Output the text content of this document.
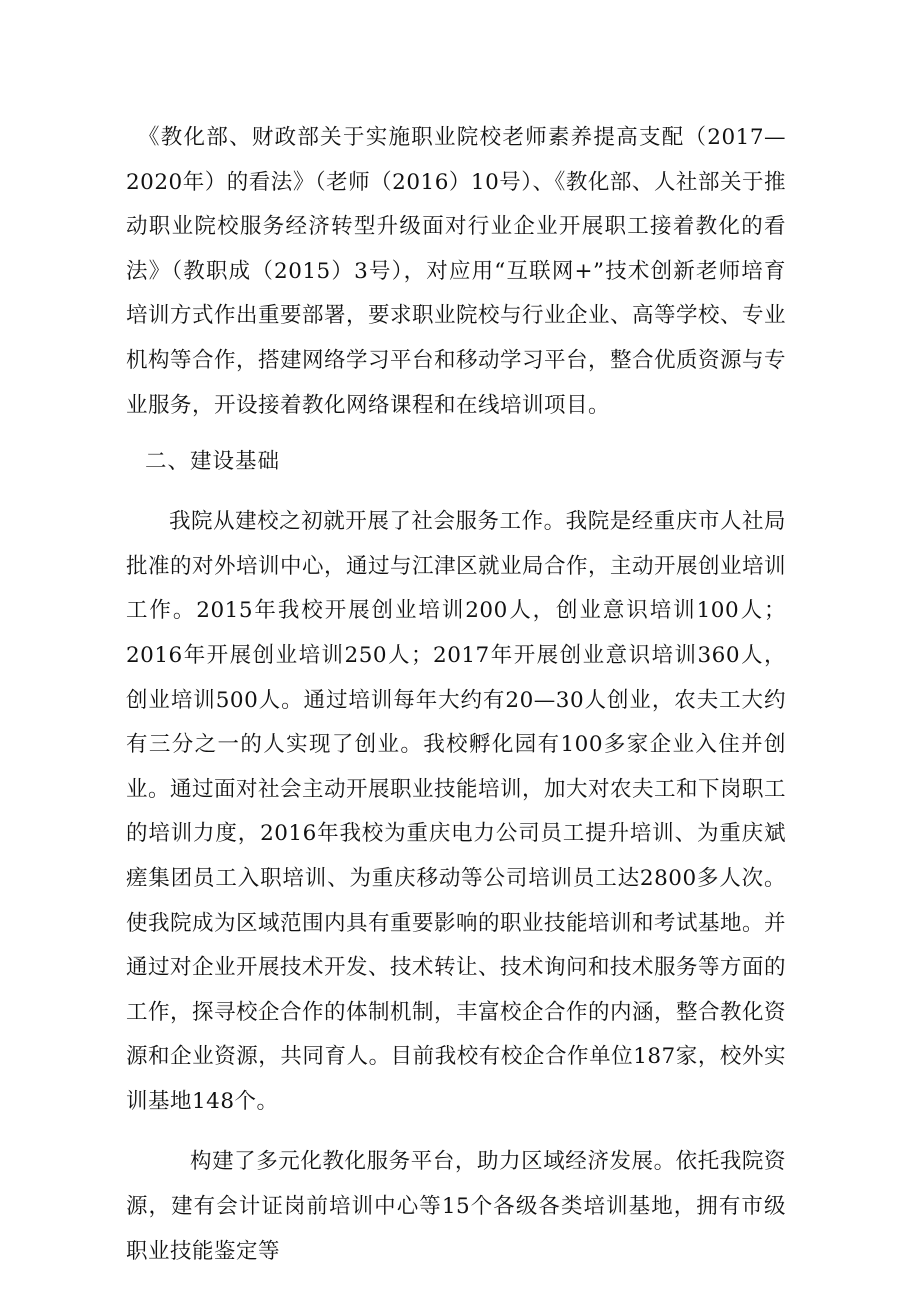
《教化部、财政部关于实施职业院校老师素养提高支配（2017—2020年）的看法》（老师（2016）10号）、《教化部、人社部关于推动职业院校服务经济转型升级面对行业企业开展职工接着教化的看法》（教职成（2015）3号），对应用“互联网+”技术创新老师培育培训方式作出重要部署，要求职业院校与行业企业、高等学校、专业机构等合作，搭建网络学习平台和移动学习平台，整合优质资源与专业服务，开设接着教化网络课程和在线培训项目。

二、建设基础

我院从建校之初就开展了社会服务工作。我院是经重庆市人社局批准的对外培训中心，通过与江津区就业局合作，主动开展创业培训工作。2015年我校开展创业培训200人，创业意识培训100人；2016年开展创业培训250人；2017年开展创业意识培训360人，创业培训500人。通过培训每年大约有20—30人创业，农夫工大约有三分之一的人实现了创业。我校孵化园有100多家企业入住并创业。通过面对社会主动开展职业技能培训，加大对农夫工和下岗职工的培训力度，2016年我校为重庆电力公司员工提升培训、为重庆斌瘥集团员工入职培训、为重庆移动等公司培训员工达2800多人次。使我院成为区域范围内具有重要影响的职业技能培训和考试基地。并通过对企业开展技术开发、技术转让、技术询问和技术服务等方面的工作，探寻校企合作的体制机制，丰富校企合作的内涵，整合教化资源和企业资源，共同育人。目前我校有校企合作单位187家，校外实训基地148个。

构建了多元化教化服务平台，助力区域经济发展。依托我院资源，建有会计证岗前培训中心等15个各级各类培训基地，拥有市级职业技能鉴定等
